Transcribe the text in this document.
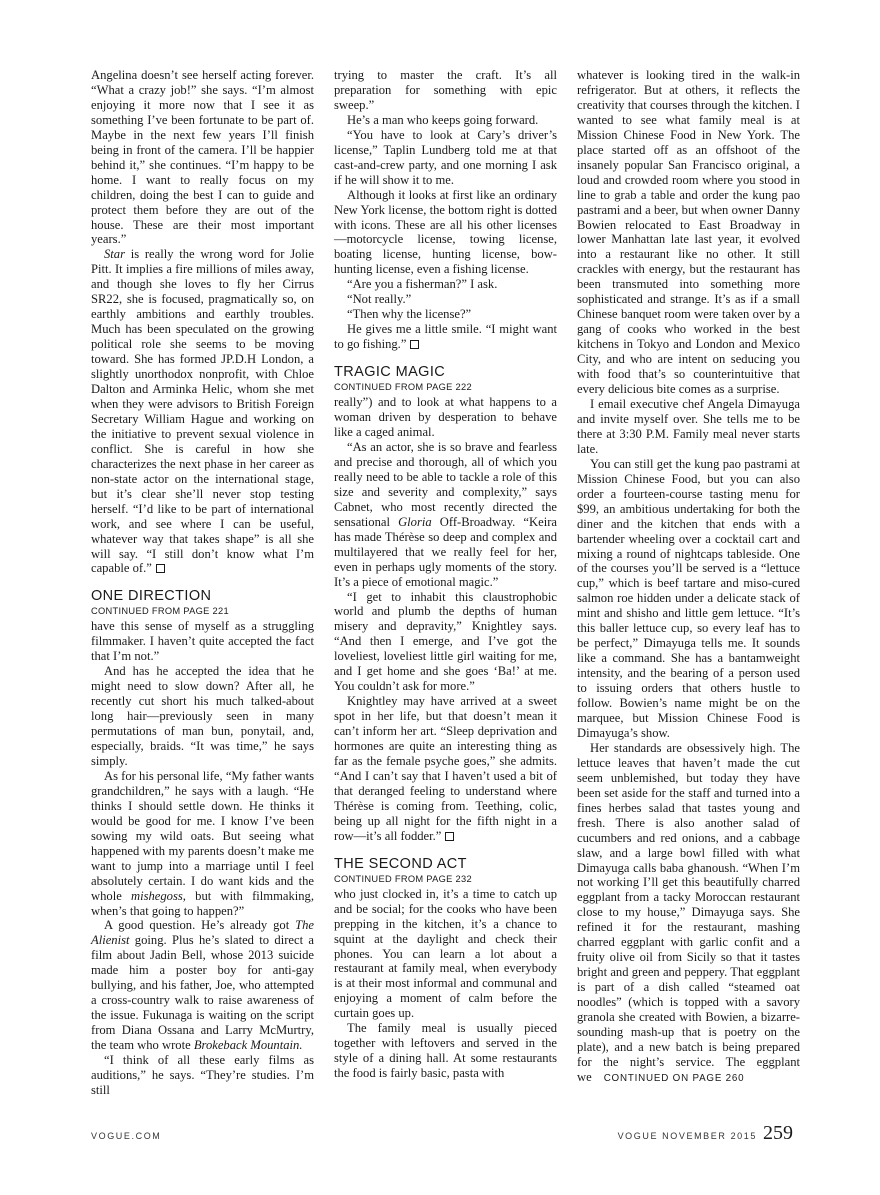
Angelina doesn’t see herself acting forever. “What a crazy job!” she says. “I’m almost enjoying it more now that I see it as something I’ve been fortunate to be part of. Maybe in the next few years I’ll finish being in front of the camera. I’ll be happier behind it,” she continues. “I’m happy to be home. I want to really focus on my children, doing the best I can to guide and protect them before they are out of the house. These are their most important years.”

Star is really the wrong word for Jolie Pitt. It implies a fire millions of miles away, and though she loves to fly her Cirrus SR22, she is focused, pragmatically so, on earthly ambitions and earthly troubles. Much has been speculated on the growing political role she seems to be moving toward. She has formed JP.D.H London, a slightly unorthodox nonprofit, with Chloe Dalton and Arminka Helic, whom she met when they were advisors to British Foreign Secretary William Hague and working on the initiative to prevent sexual violence in conflict. She is careful in how she characterizes the next phase in her career as non-state actor on the international stage, but it’s clear she’ll never stop testing herself. “I’d like to be part of international work, and see where I can be useful, whatever way that takes shape” is all she will say. “I still don’t know what I’m capable of.”

ONE DIRECTION
CONTINUED FROM PAGE 221

have this sense of myself as a struggling filmmaker. I haven’t quite accepted the fact that I’m not.”

And has he accepted the idea that he might need to slow down? After all, he recently cut short his much talked-about long hair—previously seen in many permutations of man bun, ponytail, and, especially, braids. “It was time,” he says simply.

As for his personal life, “My father wants grandchildren,” he says with a laugh. “He thinks I should settle down. He thinks it would be good for me. I know I’ve been sowing my wild oats. But seeing what happened with my parents doesn’t make me want to jump into a marriage until I feel absolutely certain. I do want kids and the whole mishegoss, but with filmmaking, when’s that going to happen?”

A good question. He’s already got The Alienist going. Plus he’s slated to direct a film about Jadin Bell, whose 2013 suicide made him a poster boy for anti-gay bullying, and his father, Joe, who attempted a cross-country walk to raise awareness of the issue. Fukunaga is waiting on the script from Diana Ossana and Larry McMurtry, the team who wrote Brokeback Mountain.

“I think of all these early films as auditions,” he says. “They’re studies. I’m still

trying to master the craft. It’s all preparation for something with epic sweep.”

He’s a man who keeps going forward.

“You have to look at Cary’s driver’s license,” Taplin Lundberg told me at that cast-and-crew party, and one morning I ask if he will show it to me.

Although it looks at first like an ordinary New York license, the bottom right is dotted with icons. These are all his other licenses—motorcycle license, towing license, boating license, hunting license, bow-hunting license, even a fishing license.

“Are you a fisherman?” I ask.

“Not really.”

“Then why the license?”

He gives me a little smile. “I might want to go fishing.”

TRAGIC MAGIC
CONTINUED FROM PAGE 222

really”) and to look at what happens to a woman driven by desperation to behave like a caged animal.

“As an actor, she is so brave and fearless and precise and thorough, all of which you really need to be able to tackle a role of this size and severity and complexity,” says Cabnet, who most recently directed the sensational Gloria Off-Broadway. “Keira has made Thérèse so deep and complex and multilayered that we really feel for her, even in perhaps ugly moments of the story. It’s a piece of emotional magic.”

“I get to inhabit this claustrophobic world and plumb the depths of human misery and depravity,” Knightley says. “And then I emerge, and I’ve got the loveliest, loveliest little girl waiting for me, and I get home and she goes ‘Ba!’ at me. You couldn’t ask for more.”

Knightley may have arrived at a sweet spot in her life, but that doesn’t mean it can’t inform her art. “Sleep deprivation and hormones are quite an interesting thing as far as the female psyche goes,” she admits. “And I can’t say that I haven’t used a bit of that deranged feeling to understand where Thérèse is coming from. Teething, colic, being up all night for the fifth night in a row—it’s all fodder.”

THE SECOND ACT
CONTINUED FROM PAGE 232

who just clocked in, it’s a time to catch up and be social; for the cooks who have been prepping in the kitchen, it’s a chance to squint at the daylight and check their phones. You can learn a lot about a restaurant at family meal, when everybody is at their most informal and communal and enjoying a moment of calm before the curtain goes up.

The family meal is usually pieced together with leftovers and served in the style of a dining hall. At some restaurants the food is fairly basic, pasta with

whatever is looking tired in the walk-in refrigerator. But at others, it reflects the creativity that courses through the kitchen. I wanted to see what family meal is at Mission Chinese Food in New York. The place started off as an offshoot of the insanely popular San Francisco original, a loud and crowded room where you stood in line to grab a table and order the kung pao pastrami and a beer, but when owner Danny Bowien relocated to East Broadway in lower Manhattan late last year, it evolved into a restaurant like no other. It still crackles with energy, but the restaurant has been transmuted into something more sophisticated and strange. It’s as if a small Chinese banquet room were taken over by a gang of cooks who worked in the best kitchens in Tokyo and London and Mexico City, and who are intent on seducing you with food that’s so counterintuitive that every delicious bite comes as a surprise.

I email executive chef Angela Dimayuga and invite myself over. She tells me to be there at 3:30 P.M. Family meal never starts late.

You can still get the kung pao pastrami at Mission Chinese Food, but you can also order a fourteen-course tasting menu for $99, an ambitious undertaking for both the diner and the kitchen that ends with a bartender wheeling over a cocktail cart and mixing a round of nightcaps tableside. One of the courses you’ll be served is a “lettuce cup,” which is beef tartare and miso-cured salmon roe hidden under a delicate stack of mint and shisho and little gem lettuce. “It’s this baller lettuce cup, so every leaf has to be perfect,” Dimayuga tells me. It sounds like a command. She has a bantamweight intensity, and the bearing of a person used to issuing orders that others hustle to follow. Bowien’s name might be on the marquee, but Mission Chinese Food is Dimayuga’s show.

Her standards are obsessively high. The lettuce leaves that haven’t made the cut seem unblemished, but today they have been set aside for the staff and turned into a fines herbes salad that tastes young and fresh. There is also another salad of cucumbers and red onions, and a cabbage slaw, and a large bowl filled with what Dimayuga calls baba ghanoush. “When I’m not working I’ll get this beautifully charred eggplant from a tacky Moroccan restaurant close to my house,” Dimayuga says. She refined it for the restaurant, mashing charred eggplant with garlic confit and a fruity olive oil from Sicily so that it tastes bright and green and peppery. That eggplant is part of a dish called “steamed oat noodles” (which is topped with a savory granola she created with Bowien, a bizarre-sounding mash-up that is poetry on the plate), and a new batch is being prepared for the night’s service. The eggplant we CONTINUED ON PAGE 260

VOGUE.COM	VOGUE NOVEMBER 2015 259
